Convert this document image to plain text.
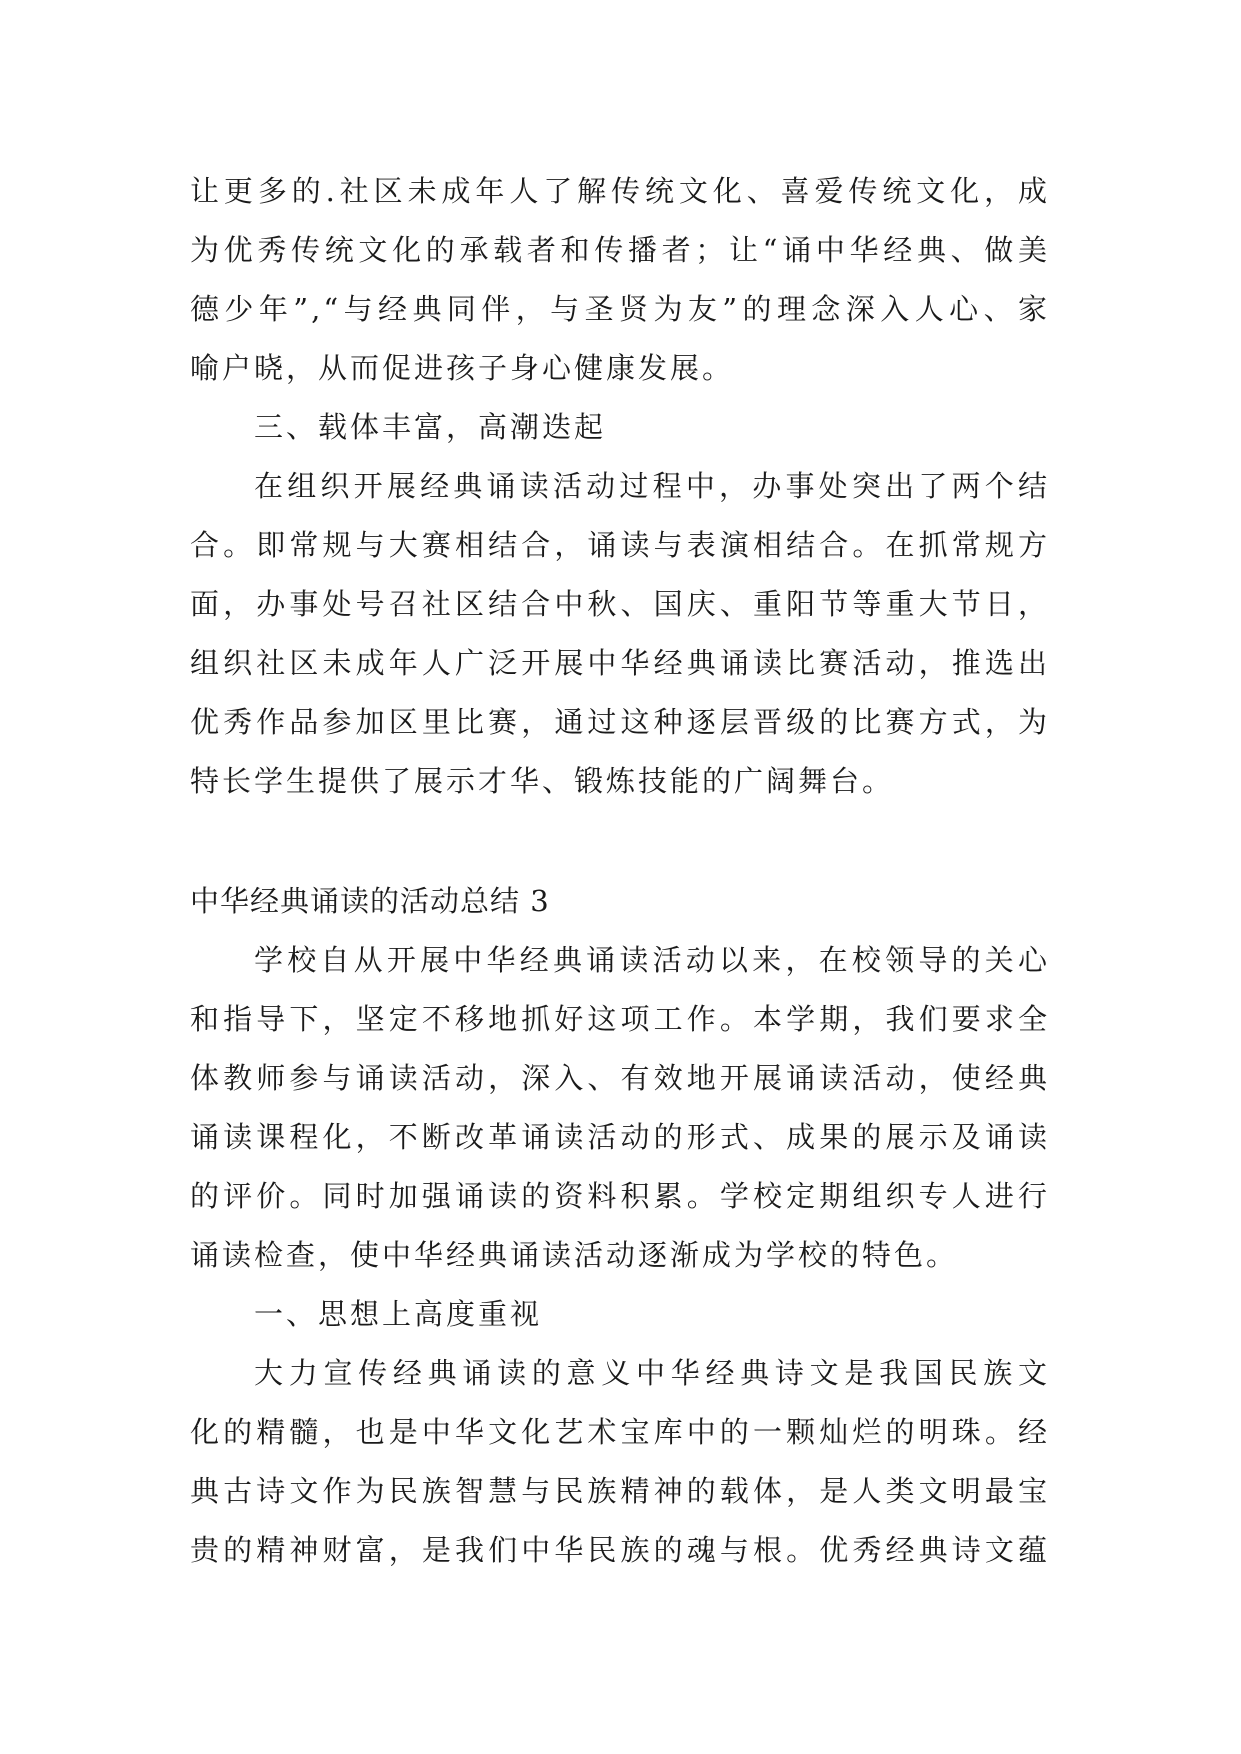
让更多的.社区未成年人了解传统文化、喜爱传统文化，成
为优秀传统文化的承载者和传播者；让“诵中华经典、做美
德少年”,“与经典同伴，与圣贤为友”的理念深入人心、家
喻户晓，从而促进孩子身心健康发展。
三、载体丰富，高潮迭起
在组织开展经典诵读活动过程中，办事处突出了两个结
合。即常规与大赛相结合，诵读与表演相结合。在抓常规方
面，办事处号召社区结合中秋、国庆、重阳节等重大节日，
组织社区未成年人广泛开展中华经典诵读比赛活动，推选出
优秀作品参加区里比赛，通过这种逐层晋级的比赛方式，为
特长学生提供了展示才华、锻炼技能的广阔舞台。
中华经典诵读的活动总结 3
学校自从开展中华经典诵读活动以来，在校领导的关心
和指导下，坚定不移地抓好这项工作。本学期，我们要求全
体教师参与诵读活动，深入、有效地开展诵读活动，使经典
诵读课程化，不断改革诵读活动的形式、成果的展示及诵读
的评价。同时加强诵读的资料积累。学校定期组织专人进行
诵读检查，使中华经典诵读活动逐渐成为学校的特色。
一、思想上高度重视
大力宣传经典诵读的意义中华经典诗文是我国民族文
化的精髓，也是中华文化艺术宝库中的一颗灿烂的明珠。经
典古诗文作为民族智慧与民族精神的载体，是人类文明最宝
贵的精神财富，是我们中华民族的魂与根。优秀经典诗文蕴
